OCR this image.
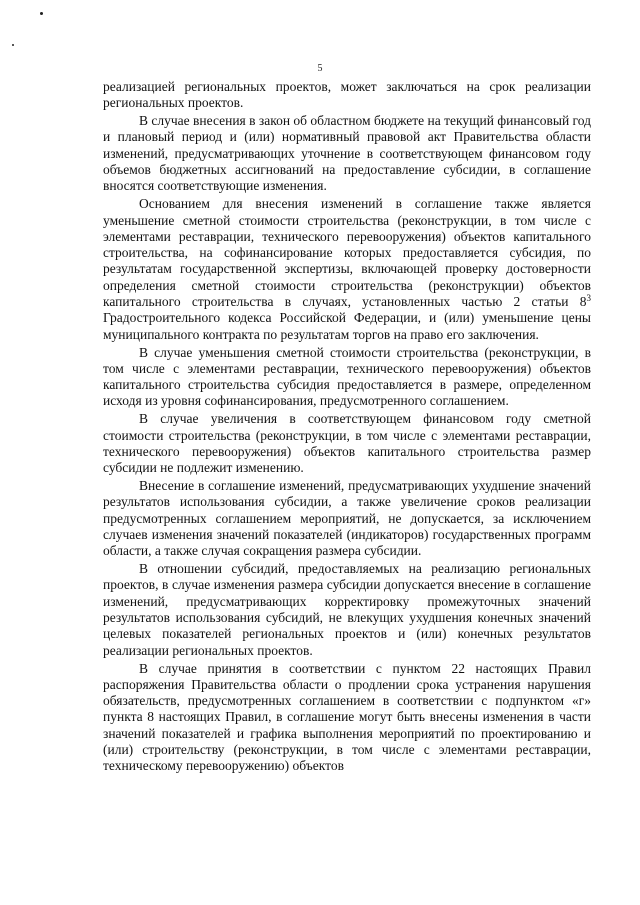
5

реализацией региональных проектов, может заключаться на срок реализации региональных проектов.

В случае внесения в закон об областном бюджете на текущий финансовый год и плановый период и (или) нормативный правовой акт Правительства области изменений, предусматривающих уточнение в соответствующем финансовом году объемов бюджетных ассигнований на предоставление субсидии, в соглашение вносятся соответствующие изменения.

Основанием для внесения изменений в соглашение также является уменьшение сметной стоимости строительства (реконструкции, в том числе с элементами реставрации, технического перевооружения) объектов капитального строительства, на софинансирование которых предоставляется субсидия, по результатам государственной экспертизы, включающей проверку достоверности определения сметной стоимости строительства (реконструкции) объектов капитального строительства в случаях, установленных частью 2 статьи $8^3$ Градостроительного кодекса Российской Федерации, и (или) уменьшение цены муниципального контракта по результатам торгов на право его заключения.

В случае уменьшения сметной стоимости строительства (реконструкции, в том числе с элементами реставрации, технического перевооружения) объектов капитального строительства субсидия предоставляется в размере, определенном исходя из уровня софинансирования, предусмотренного соглашением.

В случае увеличения в соответствующем финансовом году сметной стоимости строительства (реконструкции, в том числе с элементами реставрации, технического перевооружения) объектов капитального строительства размер субсидии не подлежит изменению.

Внесение в соглашение изменений, предусматривающих ухудшение значений результатов использования субсидии, а также увеличение сроков реализации предусмотренных соглашением мероприятий, не допускается, за исключением случаев изменения значений показателей (индикаторов) государственных программ области, а также случая сокращения размера субсидии.

В отношении субсидий, предоставляемых на реализацию региональных проектов, в случае изменения размера субсидии допускается внесение в соглашение изменений, предусматривающих корректировку промежуточных значений результатов использования субсидий, не влекущих ухудшения конечных значений целевых показателей региональных проектов и (или) конечных результатов реализации региональных проектов.

В случае принятия в соответствии с пунктом 22 настоящих Правил распоряжения Правительства области о продлении срока устранения нарушения обязательств, предусмотренных соглашением в соответствии с подпунктом «г» пункта 8 настоящих Правил, в соглашение могут быть внесены изменения в части значений показателей и графика выполнения мероприятий по проектированию и (или) строительству (реконструкции, в том числе с элементами реставрации, техническому перевооружению) объектов
